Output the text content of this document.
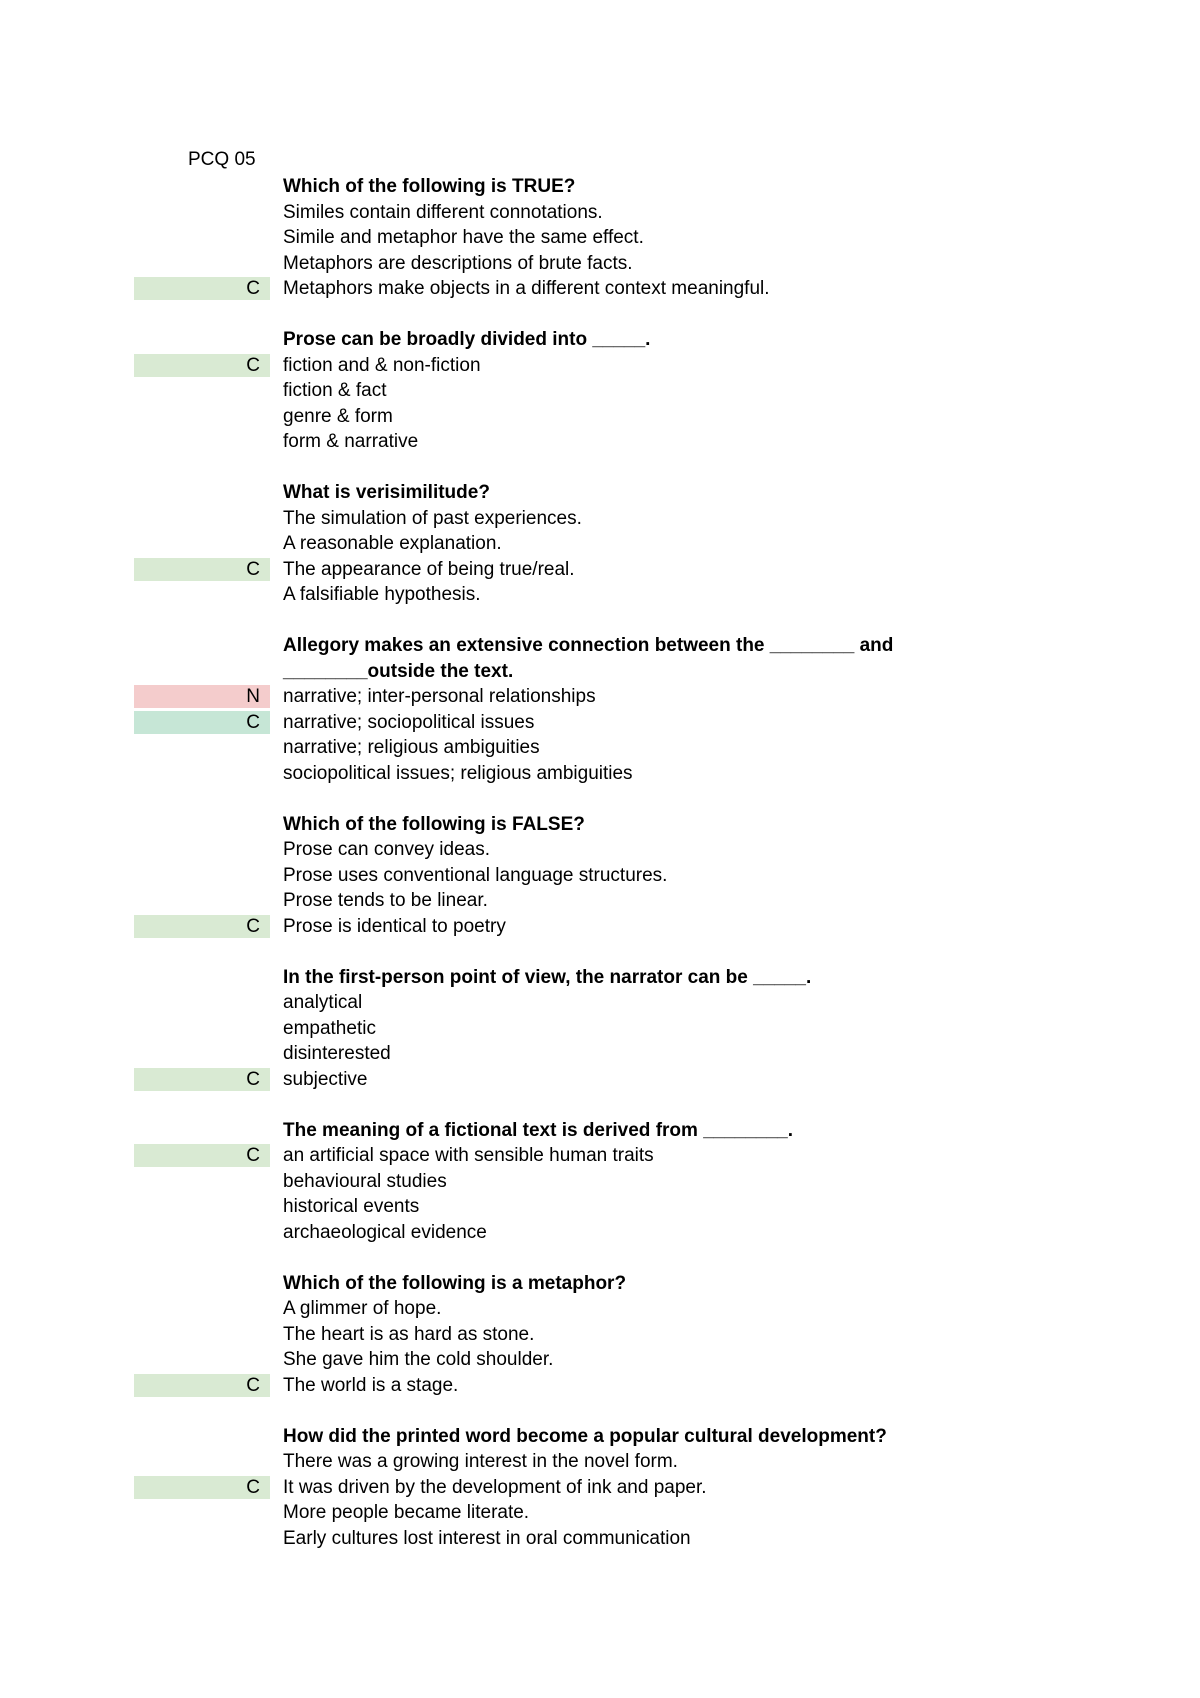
PCQ 05
Which of the following is TRUE?
Similes contain different connotations.
Simile and metaphor have the same effect.
Metaphors are descriptions of brute facts.
C	Metaphors make objects in a different context meaningful.
Prose can be broadly divided into _____.
C	fiction and & non-fiction
fiction & fact
genre & form
form & narrative
What is verisimilitude?
The simulation of past experiences.
A reasonable explanation.
C	The appearance of being true/real.
A falsifiable hypothesis.
Allegory makes an extensive connection between the ________ and ________outside the text.
N	narrative; inter-personal relationships
C	narrative; sociopolitical issues
narrative; religious ambiguities
sociopolitical issues; religious ambiguities
Which of the following is FALSE?
Prose can convey ideas.
Prose uses conventional language structures.
Prose tends to be linear.
C	Prose is identical to poetry
In the first-person point of view, the narrator can be _____.
analytical
empathetic
disinterested
C	subjective
The meaning of a fictional text is derived from ________.
C	an artificial space with sensible human traits
behavioural studies
historical events
archaeological evidence
Which of the following is a metaphor?
A glimmer of hope.
The heart is as hard as stone.
She gave him the cold shoulder.
C	The world is a stage.
How did the printed word become a popular cultural development?
There was a growing interest in the novel form.
C	It was driven by the development of ink and paper.
More people became literate.
Early cultures lost interest in oral communication
